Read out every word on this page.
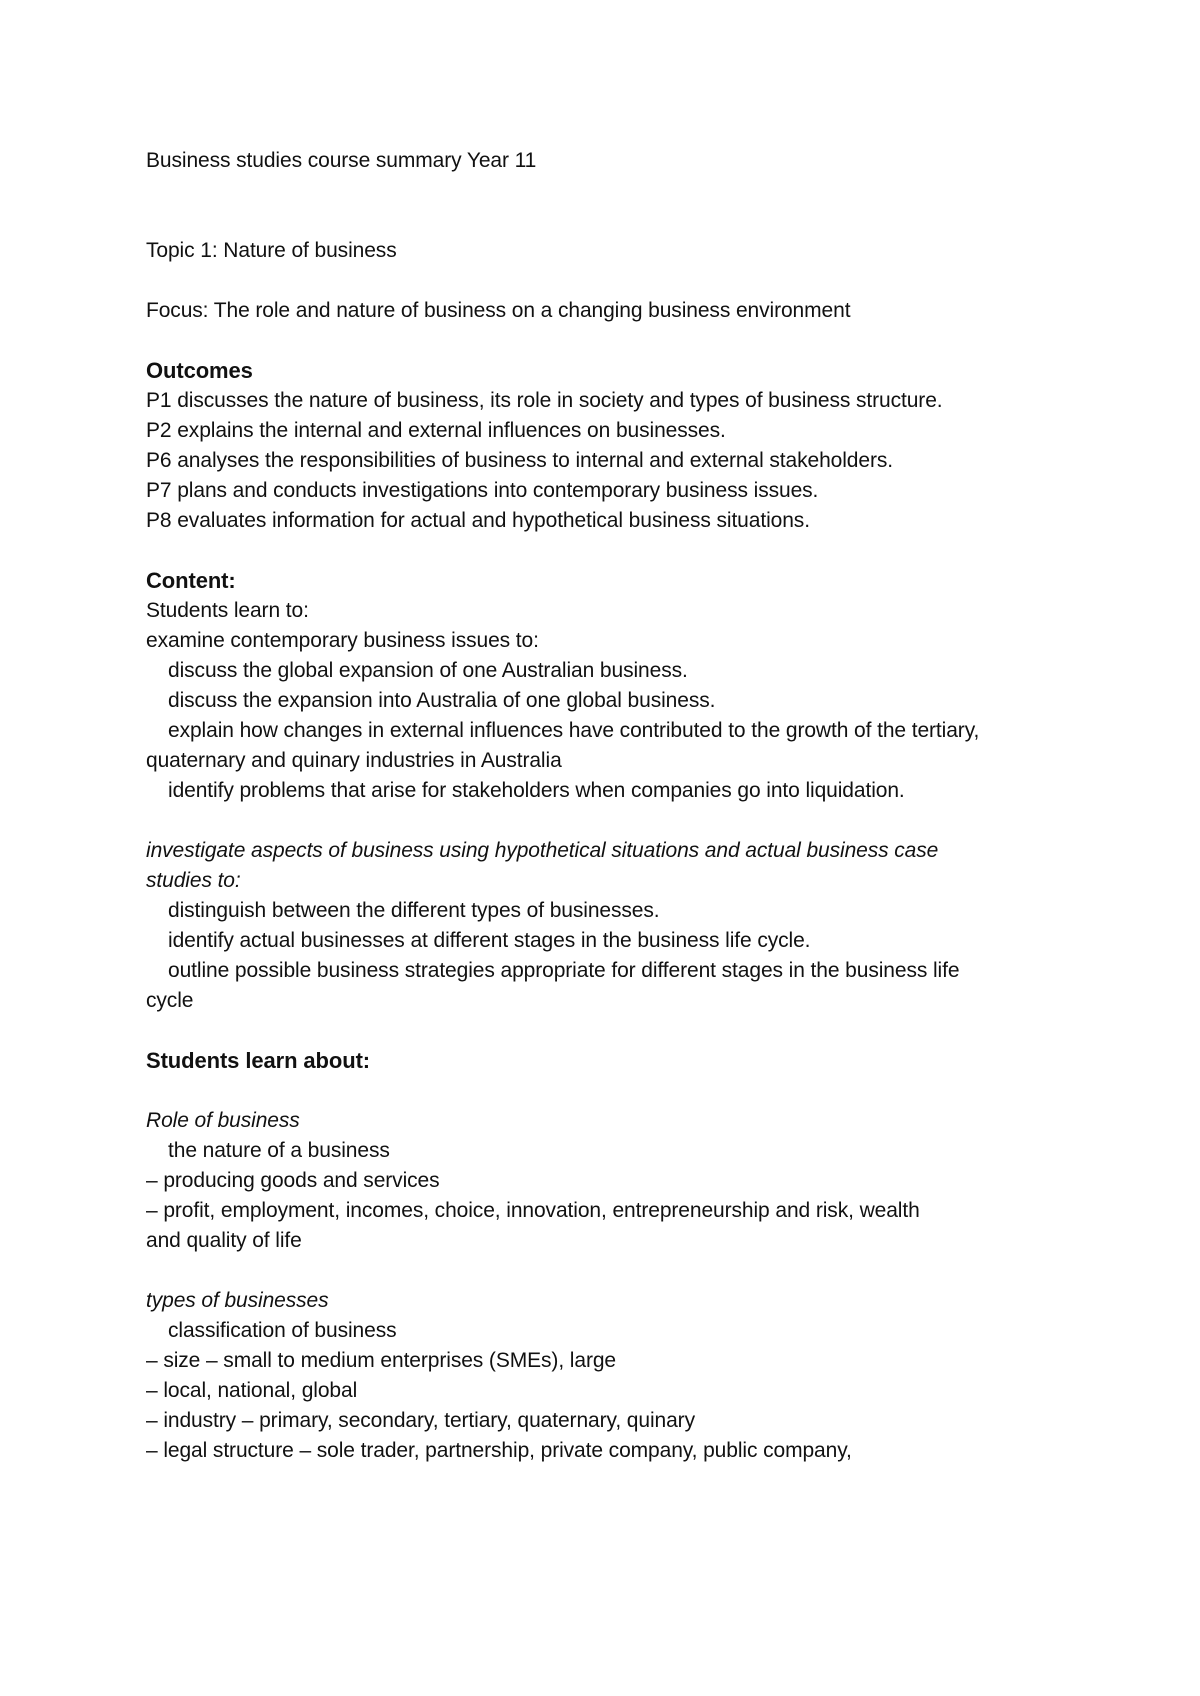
Business studies course summary Year 11
Topic 1: Nature of business
Focus: The role and nature of business on a changing business environment
Outcomes
P1 discusses the nature of business, its role in society and types of business structure.
P2 explains the internal and external influences on businesses.
P6 analyses the responsibilities of business to internal and external stakeholders.
P7 plans and conducts investigations into contemporary business issues.
P8 evaluates information for actual and hypothetical business situations.
Content:
Students learn to:
examine contemporary business issues to:
discuss the global expansion of one Australian business.
discuss the expansion into Australia of one global business.
explain how changes in external influences have contributed to the growth of the tertiary,
quaternary and quinary industries in Australia
identify problems that arise for stakeholders when companies go into liquidation.
investigate aspects of business using hypothetical situations and actual business case
studies to:
distinguish between the different types of businesses.
identify actual businesses at different stages in the business life cycle.
outline possible business strategies appropriate for different stages in the business life
cycle
Students learn about:
Role of business
the nature of a business
– producing goods and services
– profit, employment, incomes, choice, innovation, entrepreneurship and risk, wealth
and quality of life
types of businesses
classification of business
– size – small to medium enterprises (SMEs), large
– local, national, global
– industry – primary, secondary, tertiary, quaternary, quinary
– legal structure – sole trader, partnership, private company, public company,
